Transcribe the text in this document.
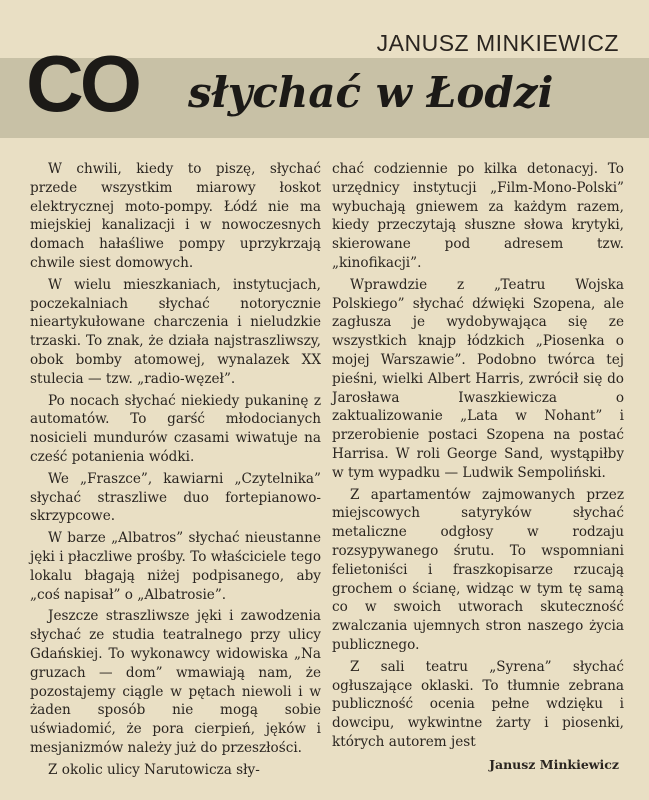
JANUSZ MINKIEWICZ
CO słychać w Łodzi

W chwili, kiedy to piszę, słychać przede wszystkim miarowy łoskot elektrycznej moto-pompy. Łódź nie ma miejskiej kanalizacji i w nowoczesnych domach hałaśliwe pompy uprzykrzają chwile siest domowych.

W wielu mieszkaniach, instytucjach, poczekalniach słychać notorycznie nieartykułowane charczenia i nieludzkie trzaski. To znak, że działa najstraszliwszy, obok bomby atomowej, wynalazek XX stulecia — tzw. „radio-węzeł”.

Po nocach słychać niekiedy pukaninę z automatów. To garść młodocianych nosicieli mundurów czasami wiwatuje na cześć potanienia wódki.

We „Fraszce”, kawiarni „Czytelnika” słychać straszliwe duo fortepianowo-skrzypcowe.

W barze „Albatros” słychać nieustanne jęki i płaczliwe prośby. To właściciele tego lokalu błagają niżej podpisanego, aby „coś napisał” o „Albatrosie”.

Jeszcze straszliwsze jęki i zawodzenia słychać ze studia teatralnego przy ulicy Gdańskiej. To wykonawcy widowiska „Na gruzach — dom” wmawiają nam, że pozostajemy ciągle w pętach niewoli i w żaden sposób nie mogą sobie uświadomić, że pora cierpień, jęków i mesjanizmów należy już do przeszłości.

Z okolic ulicy Narutowicza sły-

chać codziennie po kilka detonacyj. To urzędnicy instytucji „Film-Mono-Polski” wybuchają gniewem za każdym razem, kiedy przeczytają słuszne słowa krytyki, skierowane pod adresem tzw. „kinofikacji”.

Wprawdzie z „Teatru Wojska Polskiego” słychać dźwięki Szopena, ale zagłusza je wydobywająca się ze wszystkich knajp łódzkich „Piosenka o mojej Warszawie”. Podobno twórca tej pieśni, wielki Albert Harris, zwrócił się do Jarosława Iwaszkiewicza o zaktualizowanie „Lata w Nohant” i przerobienie postaci Szopena na postać Harrisa. W roli George Sand, wystąpiłby w tym wypadku — Ludwik Sempoliński.

Z apartamentów zajmowanych przez miejscowych satyryków słychać metaliczne odgłosy w rodzaju rozsypywanego śrutu. To wspomniani felietoniści i fraszkopisarze rzucają grochem o ścianę, widząc w tym tę samą co w swoich utworach skuteczność zwalczania ujemnych stron naszego życia publicznego.

Z sali teatru „Syrena” słychać ogłuszające oklaski. To tłumnie zebrana publiczność ocenia pełne wdzięku i dowcipu, wykwintne żarty i piosenki, których autorem jest

Janusz Minkiewicz
